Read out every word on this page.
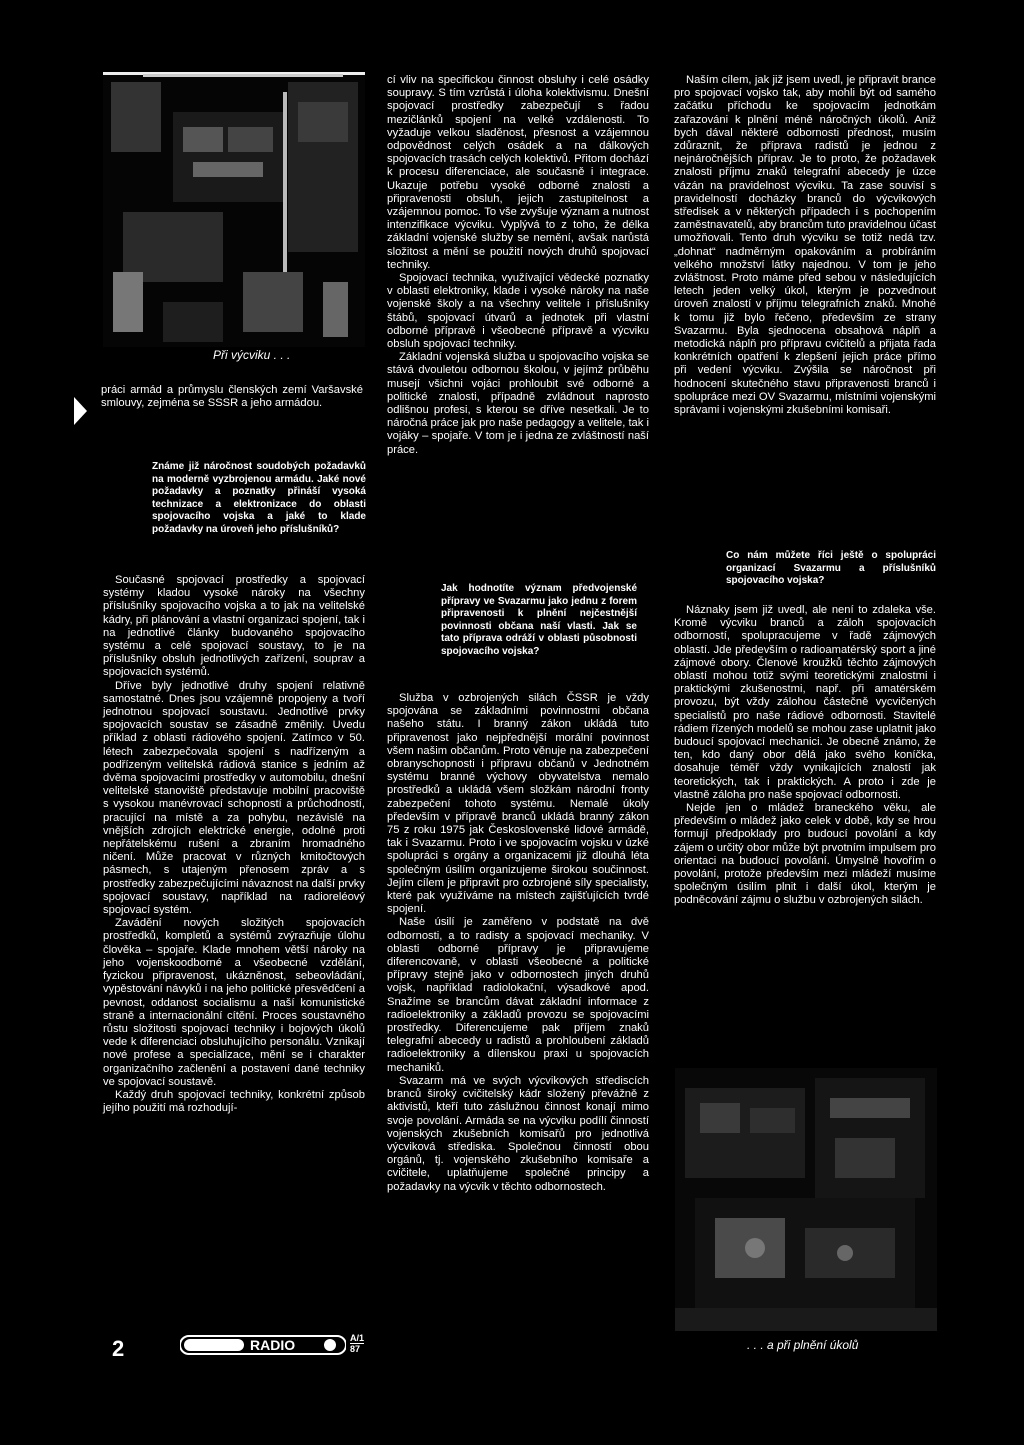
Při výcviku . . .

práci armád a průmyslu členských zemí Varšavské smlouvy, zejména se SSSR a jeho armádou.

Známe již náročnost soudobých požadavků na moderně vyzbrojenou armádu. Jaké nové požadavky a poznatky přináší vysoká technizace a elektronizace do oblasti spojovacího vojska a jaké to klade požadavky na úroveň jeho příslušníků?

Současné spojovací prostředky a spojovací systémy kladou vysoké nároky na všechny příslušníky spojovacího vojska a to jak na velitelské kádry, při plánování a vlastní organizaci spojení, tak i na jednotlivé články budovaného spojovacího systému a celé spojovací soustavy, to je na příslušníky obsluh jednotlivých zařízení, souprav a spojovacích systémů.

Dříve byly jednotlivé druhy spojení relativně samostatné. Dnes jsou vzájemně propojeny a tvoří jednotnou spojovací soustavu. Jednotlivé prvky spojovacích soustav se zásadně změnily. Uvedu příklad z oblasti rádiového spojení. Zatímco v 50. létech zabezpečovala spojení s nadřízeným a podřízeným velitelská rádiová stanice s jedním až dvěma spojovacími prostředky v automobilu, dnešní velitelské stanoviště představuje mobilní pracoviště s vysokou manévrovací schopností a průchodností, pracující na místě a za pohybu, nezávislé na vnějších zdrojích elektrické energie, odolné proti nepřátelskému rušení a zbraním hromadného ničení. Může pracovat v různých kmitočtových pásmech, s utajeným přenosem zpráv a s prostředky zabezpečujícími návaznost na další prvky spojovací soustavy, například na radioreléový spojovací systém.

Zavádění nových složitých spojovacích prostředků, kompletů a systémů zvýrazňuje úlohu člověka – spojaře. Klade mnohem větší nároky na jeho vojenskoodborné a všeobecné vzdělání, fyzickou připravenost, ukázněnost, sebeovládání, vypěstování návyků i na jeho politické přesvědčení a pevnost, oddanost socialismu a naší komunistické straně a internacionální cítění. Proces soustavného růstu složitosti spojovací techniky i bojových úkolů vede k diferenciaci obsluhujícího personálu. Vznikají nové profese a specializace, mění se i charakter organizačního začlenění a postavení dané techniky ve spojovací soustavě.

Každý druh spojovací techniky, konkrétní způsob jejího použití má rozhodují-

cí vliv na specifickou činnost obsluhy i celé osádky soupravy. S tím vzrůstá i úloha kolektivismu. Dnešní spojovací prostředky zabezpečují s řadou mezičlánků spojení na velké vzdálenosti. To vyžaduje velkou sladěnost, přesnost a vzájemnou odpovědnost celých osádek a na dálkových spojovacích trasách celých kolektivů. Přitom dochází k procesu diferenciace, ale současně i integrace. Ukazuje potřebu vysoké odborné znalosti a připravenosti obsluh, jejich zastupitelnost a vzájemnou pomoc. To vše zvyšuje význam a nutnost intenzifikace výcviku. Vyplývá to z toho, že délka základní vojenské služby se nemění, avšak narůstá složitost a mění se použití nových druhů spojovací techniky.

Spojovací technika, využívající vědecké poznatky v oblasti elektroniky, klade i vysoké nároky na naše vojenské školy a na všechny velitele i příslušníky štábů, spojovací útvarů a jednotek při vlastní odborné přípravě i všeobecné přípravě a výcviku obsluh spojovací techniky.

Základní vojenská služba u spojovacího vojska se stává dvouletou odbornou školou, v jejímž průběhu musejí všichni vojáci prohloubit své odborné a politické znalosti, případně zvládnout naprosto odlišnou profesi, s kterou se dříve nesetkali. Je to náročná práce jak pro naše pedagogy a velitele, tak i vojáky – spojaře. V tom je i jedna ze zvláštností naší práce.

Jak hodnotíte význam předvojenské přípravy ve Svazarmu jako jednu z forem připravenosti k plnění nejčestnější povinnosti občana naší vlasti. Jak se tato příprava odráží v oblasti působnosti spojovacího vojska?

Služba v ozbrojených silách ČSSR je vždy spojována se základními povinnostmi občana našeho státu. I branný zákon ukládá tuto připravenost jako nejpřednější morální povinnost všem našim občanům. Proto věnuje na zabezpečení obranyschopnosti i přípravu občanů v Jednotném systému branné výchovy obyvatelstva nemalo prostředků a ukládá všem složkám národní fronty zabezpečení tohoto systému. Nemalé úkoly především v přípravě branců ukládá branný zákon 75 z roku 1975 jak Československé lidové armádě, tak i Svazarmu. Proto i ve spojovacím vojsku v úzké spolupráci s orgány a organizacemi již dlouhá léta společným úsilím organizujeme širokou součinnost. Jejím cílem je připravit pro ozbrojené síly specialisty, které pak využíváme na místech zajišťujících tvrdé spojení.

Naše úsilí je zaměřeno v podstatě na dvě odbornosti, a to radisty a spojovací mechaniky. V oblasti odborné přípravy je připravujeme diferencovaně, v oblasti všeobecné a politické přípravy stejně jako v odbornostech jiných druhů vojsk, například radiolokační, výsadkové apod. Snažíme se brancům dávat základní informace z radioelektroniky a základů provozu se spojovacími prostředky. Diferencujeme pak příjem znaků telegrafní abecedy u radistů a prohloubení základů radioelektroniky a dílenskou praxi u spojovacích mechaniků.

Svazarm má ve svých výcvikových střediscích branců široký cvičitelský kádr složený převážně z aktivistů, kteří tuto záslužnou činnost konají mimo svoje povolání. Armáda se na výcviku podílí činností vojenských zkušebních komisařů pro jednotlivá výcviková střediska. Společnou činností obou orgánů, tj. vojenského zkušebního komisaře a cvičitele, uplatňujeme společné principy a požadavky na výcvik v těchto odbornostech.

Naším cílem, jak již jsem uvedl, je připravit brance pro spojovací vojsko tak, aby mohli být od samého začátku příchodu ke spojovacím jednotkám zařazováni k plnění méně náročných úkolů. Aniž bych dával některé odbornosti přednost, musím zdůraznit, že příprava radistů je jednou z nejnáročnějších příprav. Je to proto, že požadavek znalosti příjmu znaků telegrafní abecedy je úzce vázán na pravidelnost výcviku. Ta zase souvisí s pravidelností docházky branců do výcvikových středisek a v některých případech i s pochopením zaměstnavatelů, aby brancům tuto pravidelnou účast umožňovali. Tento druh výcviku se totiž nedá tzv. „dohnat“ nadměrným opakováním a probíráním velkého množství látky najednou. V tom je jeho zvláštnost. Proto máme před sebou v následujících letech jeden velký úkol, kterým je pozvednout úroveň znalostí v příjmu telegrafních znaků. Mnohé k tomu již bylo řečeno, především ze strany Svazarmu. Byla sjednocena obsahová náplň a metodická náplň pro přípravu cvičitelů a přijata řada konkrétních opatření k zlepšení jejich práce přímo při vedení výcviku. Zvýšila se náročnost při hodnocení skutečného stavu připravenosti branců i spolupráce mezi OV Svazarmu, místními vojenskými správami i vojenskými zkušebními komisaři.

Co nám můžete říci ještě o spolupráci organizací Svazarmu a příslušníků spojovacího vojska?

Náznaky jsem již uvedl, ale není to zdaleka vše. Kromě výcviku branců a záloh spojovacích odborností, spolupracujeme v řadě zájmových oblastí. Jde především o radioamatérský sport a jiné zájmové obory. Členové kroužků těchto zájmových oblastí mohou totiž svými teoretickými znalostmi i praktickými zkušenostmi, např. při amatérském provozu, být vždy zálohou částečně vycvičených specialistů pro naše rádiové odbornosti. Stavitelé rádiem řízených modelů se mohou zase uplatnit jako budoucí spojovací mechanici. Je obecně známo, že ten, kdo daný obor dělá jako svého koníčka, dosahuje téměř vždy vynikajících znalostí jak teoretických, tak i praktických. A proto i zde je vlastně záloha pro naše spojovací odbornosti.

Nejde jen o mládež braneckého věku, ale především o mládež jako celek v době, kdy se hrou formují předpoklady pro budoucí povolání a kdy zájem o určitý obor může být prvotním impulsem pro orientaci na budoucí povolání. Úmyslně hovořím o povolání, protože především mezi mládeží musíme společným úsilím plnit i další úkol, kterým je podněcování zájmu o službu v ozbrojených silách.

. . . a při plnění úkolů
2	RADIO	A/1
87
